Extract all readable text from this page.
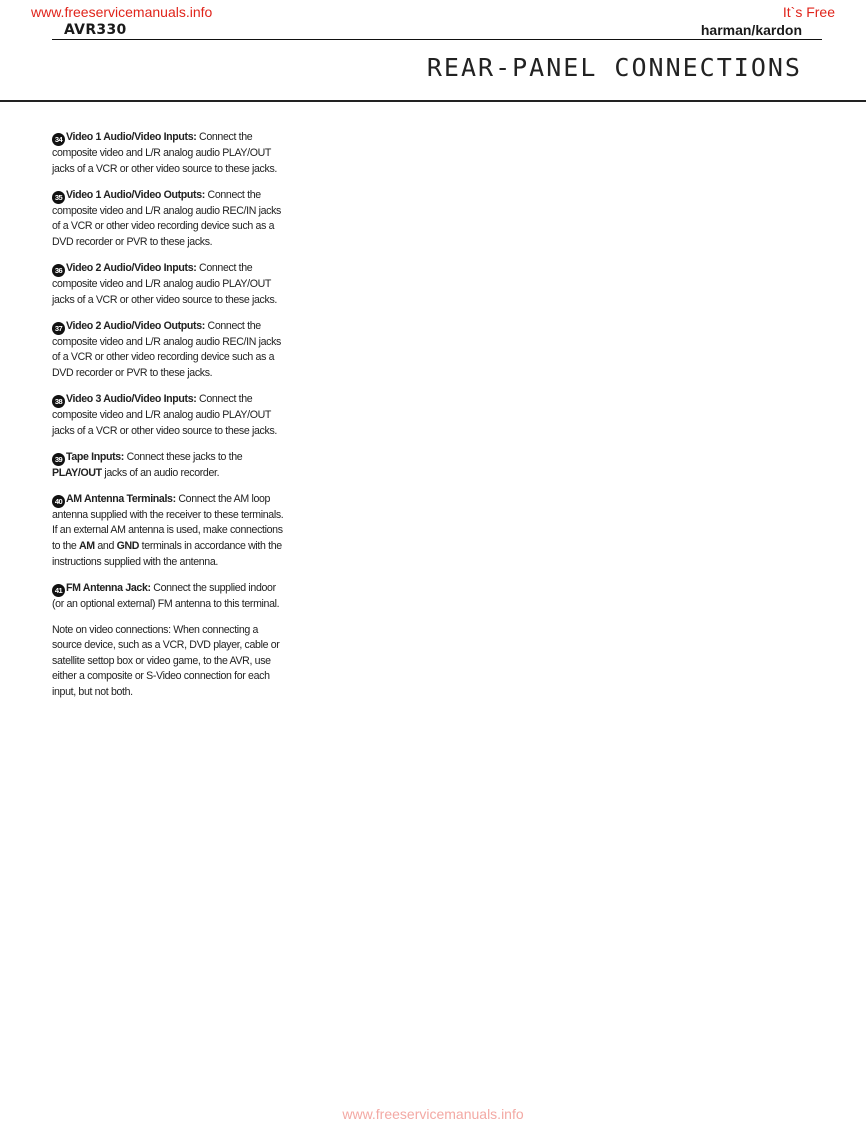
www.freeservicemanuals.info	It`s Free
AVR330	harman/kardon
REAR-PANEL CONNECTIONS

34 Video 1 Audio/Video Inputs: Connect the composite video and L/R analog audio PLAY/OUT jacks of a VCR or other video source to these jacks.

35 Video 1 Audio/Video Outputs: Connect the composite video and L/R analog audio REC/IN jacks of a VCR or other video recording device such as a DVD recorder or PVR to these jacks.

36 Video 2 Audio/Video Inputs: Connect the composite video and L/R analog audio PLAY/OUT jacks of a VCR or other video source to these jacks.

37 Video 2 Audio/Video Outputs: Connect the composite video and L/R analog audio REC/IN jacks of a VCR or other video recording device such as a DVD recorder or PVR to these jacks.

38 Video 3 Audio/Video Inputs: Connect the composite video and L/R analog audio PLAY/OUT jacks of a VCR or other video source to these jacks.

39 Tape Inputs: Connect these jacks to the PLAY/OUT jacks of an audio recorder.

40 AM Antenna Terminals: Connect the AM loop antenna supplied with the receiver to these terminals. If an external AM antenna is used, make connections to the AM and GND terminals in accordance with the instructions supplied with the antenna.

41 FM Antenna Jack: Connect the supplied indoor (or an optional external) FM antenna to this terminal.

Note on video connections: When connecting a source device, such as a VCR, DVD player, cable or satellite settop box or video game, to the AVR, use either a composite or S-Video connection for each input, but not both.

www.freeservicemanuals.info
